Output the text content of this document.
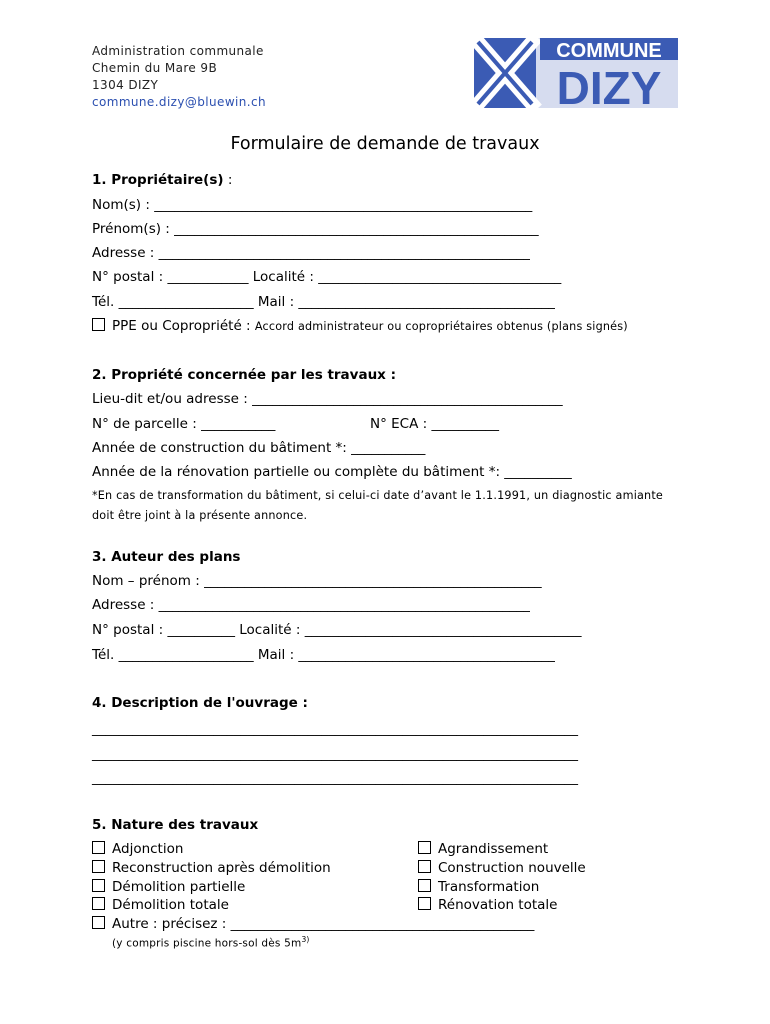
Administration communale
Chemin du Mare 9B
1304 DIZY
commune.dizy@bluewin.ch
COMMUNE
DIZY
Formulaire de demande de travaux
1. Propriétaire(s) :
Nom(s) : ________________________________________________________
Prénom(s) : ______________________________________________________
Adresse : _______________________________________________________
N° postal : ____________ Localité : ____________________________________
Tél. ____________________ Mail : ______________________________________
PPE ou Copropriété : Accord administrateur ou copropriétaires obtenus (plans signés)
2. Propriété concernée par les travaux :
Lieu-dit et/ou adresse : ______________________________________________
N° de parcelle : ___________	N° ECA : __________
Année de construction du bâtiment *: ___________
Année de la rénovation partielle ou complète du bâtiment *: __________
*En cas de transformation du bâtiment, si celui-ci date d’avant le 1.1.1991, un diagnostic amiante
doit être joint à la présente annonce.
3. Auteur des plans
Nom – prénom : __________________________________________________
Adresse : _______________________________________________________
N° postal : __________ Localité : _________________________________________
Tél. ____________________ Mail : ______________________________________
4. Description de l'ouvrage :
________________________________________________________________________
________________________________________________________________________
________________________________________________________________________
5. Nature des travaux
Adjonction
Reconstruction après démolition
Démolition partielle
Démolition totale
Agrandissement
Construction nouvelle
Transformation
Rénovation totale
Autre : précisez : _____________________________________________
(y compris piscine hors-sol dès $5m^{3)}$
